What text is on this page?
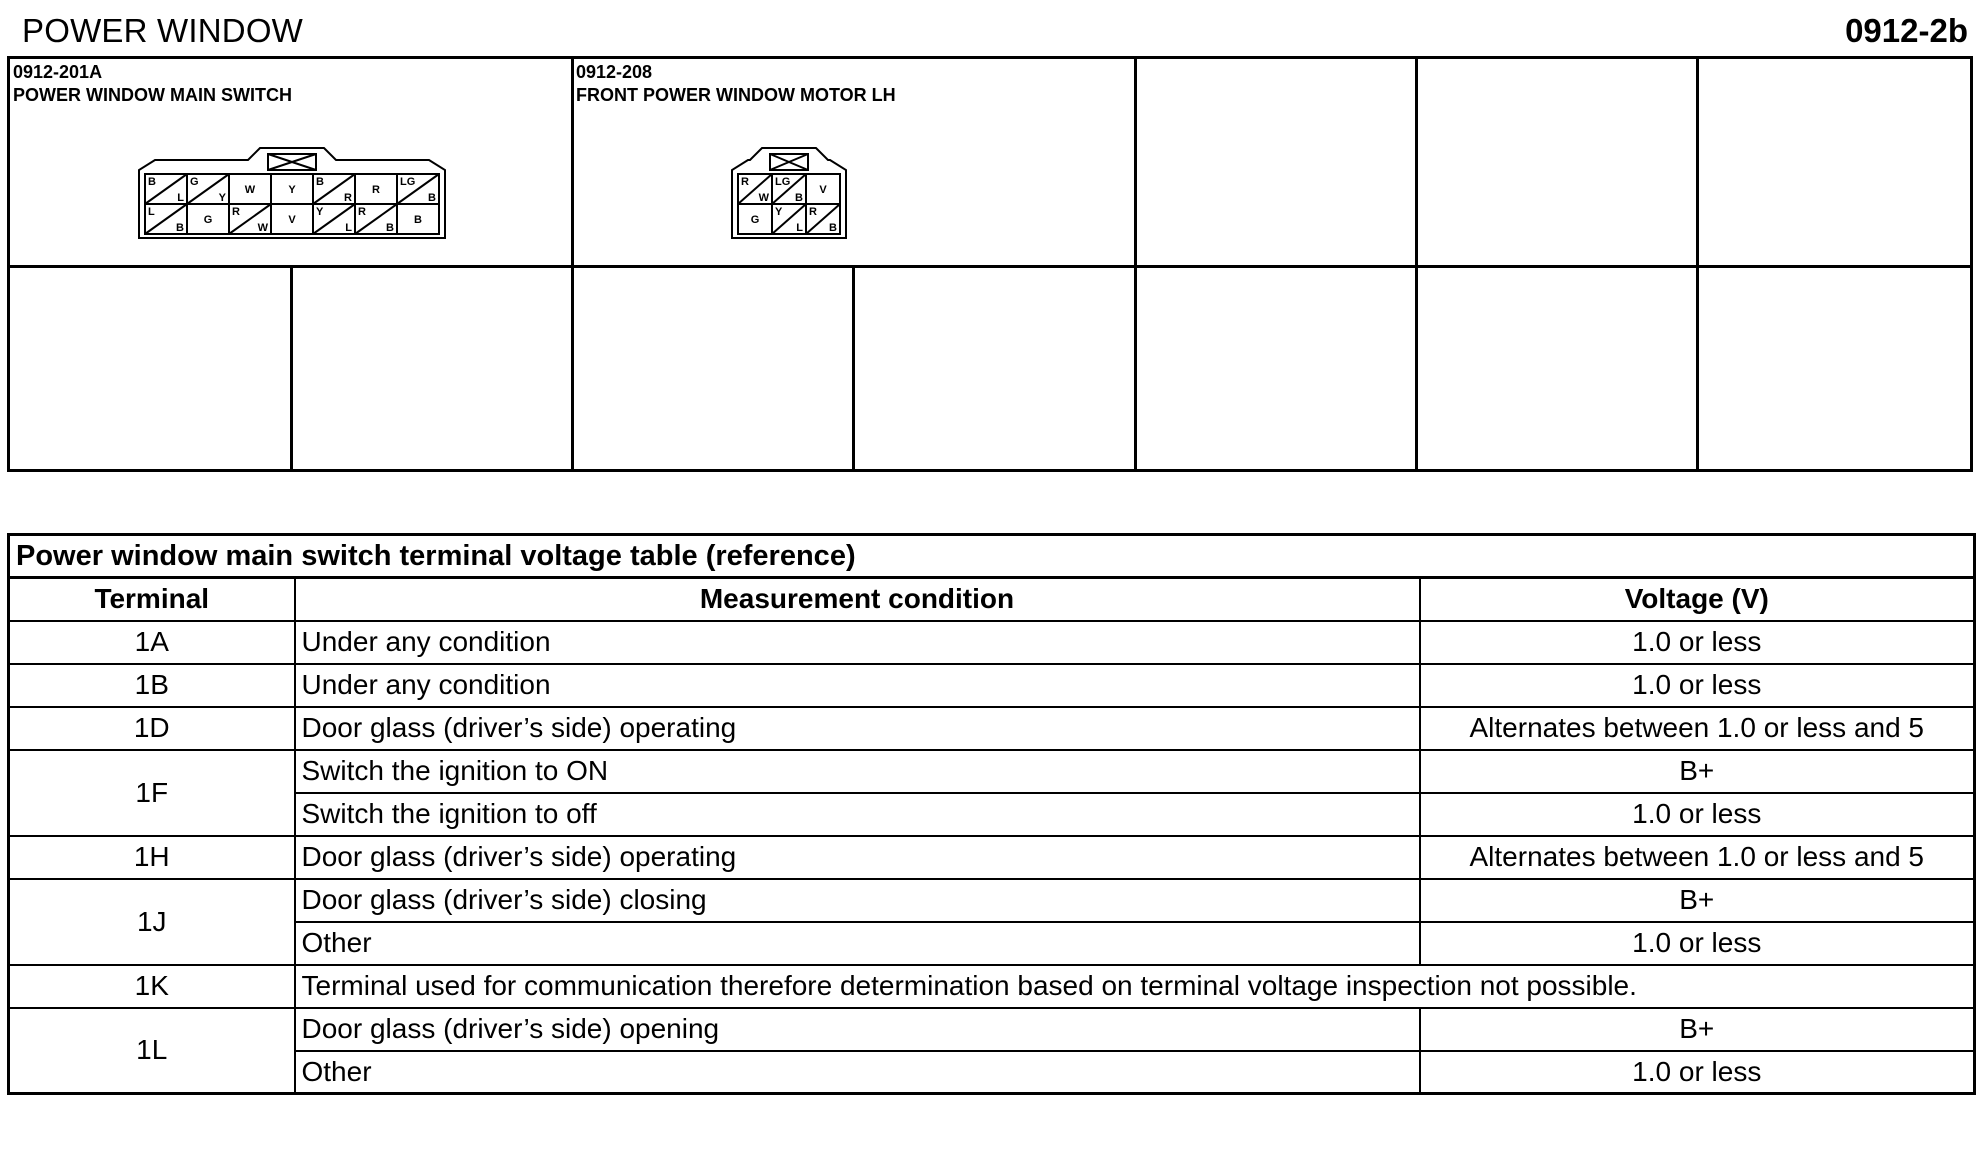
POWER WINDOW	0912-2b
0912-201A
POWER WINDOW MAIN SWITCH
B
L
G
Y
W	Y
B
R
R
LG
B
L
B
G
R
W
V
Y
L
R
B
B
0912-208
FRONT POWER WINDOW MOTOR LH
R
W
LG
B
V
G
Y
L
R
B
Power window main switch terminal voltage table (reference)		
Terminal	Measurement condition	Voltage (V)
1A	Under any condition	1.0 or less
1B	Under any condition	1.0 or less
1D	Door glass (driver’s side) operating	Alternates between 1.0 or less and 5
1F	Switch the ignition to ON	B+
	Switch the ignition to off	1.0 or less
1H	Door glass (driver’s side) operating	Alternates between 1.0 or less and 5
1J	Door glass (driver’s side) closing	B+
	Other	1.0 or less
1K	Terminal used for communication therefore determination based on terminal voltage inspection not possible.	
1L	Door glass (driver’s side) opening	B+
	Other	1.0 or less
